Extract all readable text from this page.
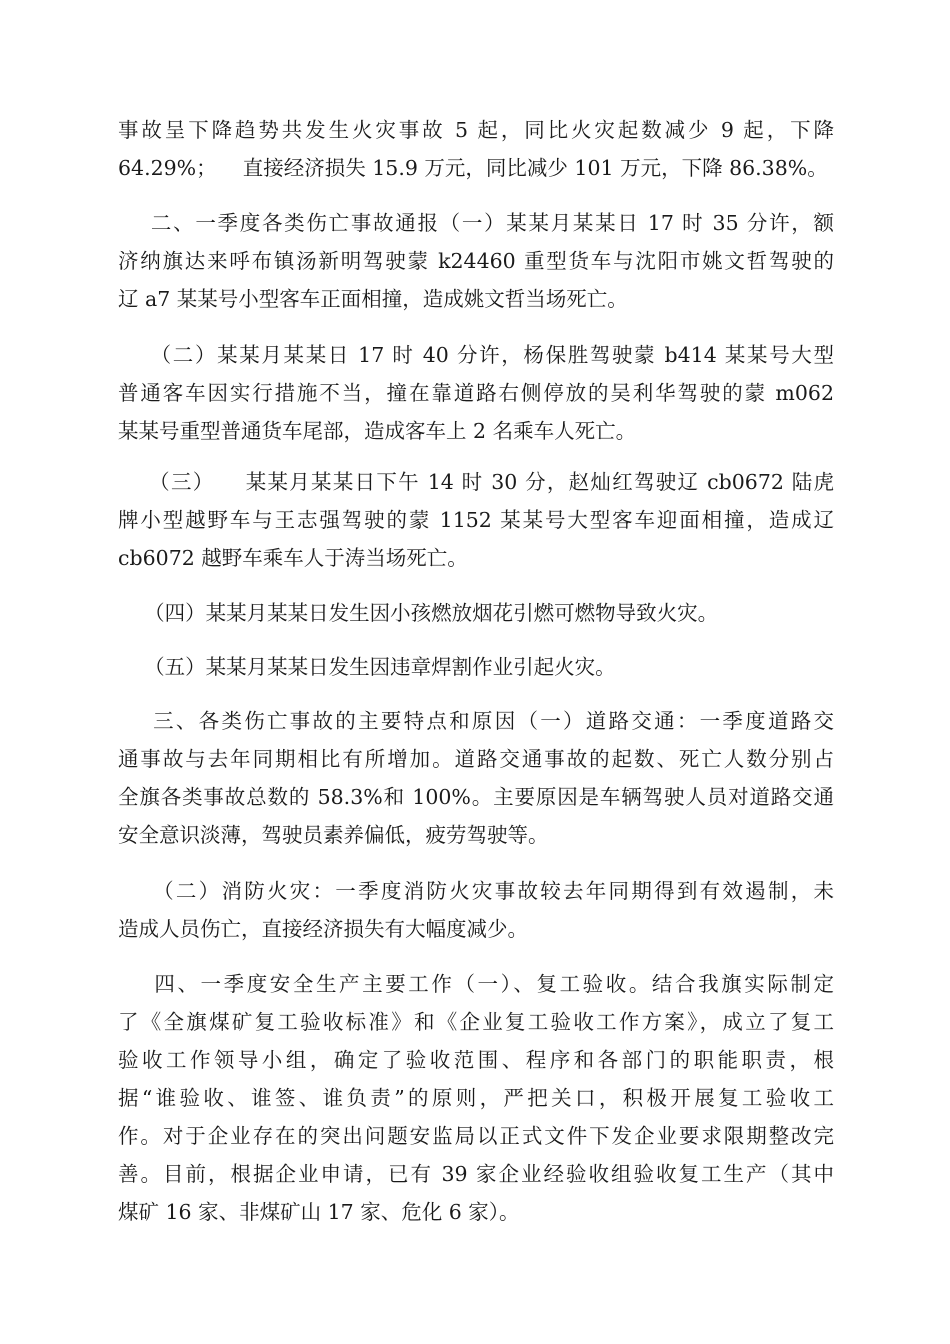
事故呈下降趋势共发生火灾事故 5 起，同比火灾起数减少 9 起，下降
64.29%；    直接经济损失 15.9 万元，同比减少 101 万元，下降 86.38%。
二、一季度各类伤亡事故通报（一）某某月某某日 17 时 35 分许，额
济纳旗达来呼布镇汤新明驾驶蒙 k24460 重型货车与沈阳市姚文哲驾驶的
辽 a7 某某号小型客车正面相撞，造成姚文哲当场死亡。
（二）某某月某某日 17 时 40 分许，杨保胜驾驶蒙 b414 某某号大型
普通客车因实行措施不当，撞在靠道路右侧停放的吴利华驾驶的蒙 m062
某某号重型普通货车尾部，造成客车上 2 名乘车人死亡。
（三）    某某月某某日下午 14 时 30 分，赵灿红驾驶辽 cb0672 陆虎
牌小型越野车与王志强驾驶的蒙 1152 某某号大型客车迎面相撞，造成辽
cb6072 越野车乘车人于涛当场死亡。
（四）某某月某某日发生因小孩燃放烟花引燃可燃物导致火灾。
（五）某某月某某日发生因违章焊割作业引起火灾。
三、各类伤亡事故的主要特点和原因（一）道路交通：一季度道路交
通事故与去年同期相比有所增加。道路交通事故的起数、死亡人数分别占
全旗各类事故总数的 58.3%和 100%。主要原因是车辆驾驶人员对道路交通
安全意识淡薄，驾驶员素养偏低，疲劳驾驶等。
（二）消防火灾：一季度消防火灾事故较去年同期得到有效遏制，未
造成人员伤亡，直接经济损失有大幅度减少。
四、一季度安全生产主要工作（一）、复工验收。结合我旗实际制定
了《全旗煤矿复工验收标准》和《企业复工验收工作方案》，成立了复工
验收工作领导小组，确定了验收范围、程序和各部门的职能职责，根
据“谁验收、谁签、谁负责”的原则，严把关口，积极开展复工验收工
作。对于企业存在的突出问题安监局以正式文件下发企业要求限期整改完
善。目前，根据企业申请，已有 39 家企业经验收组验收复工生产（其中
煤矿 16 家、非煤矿山 17 家、危化 6 家）。
